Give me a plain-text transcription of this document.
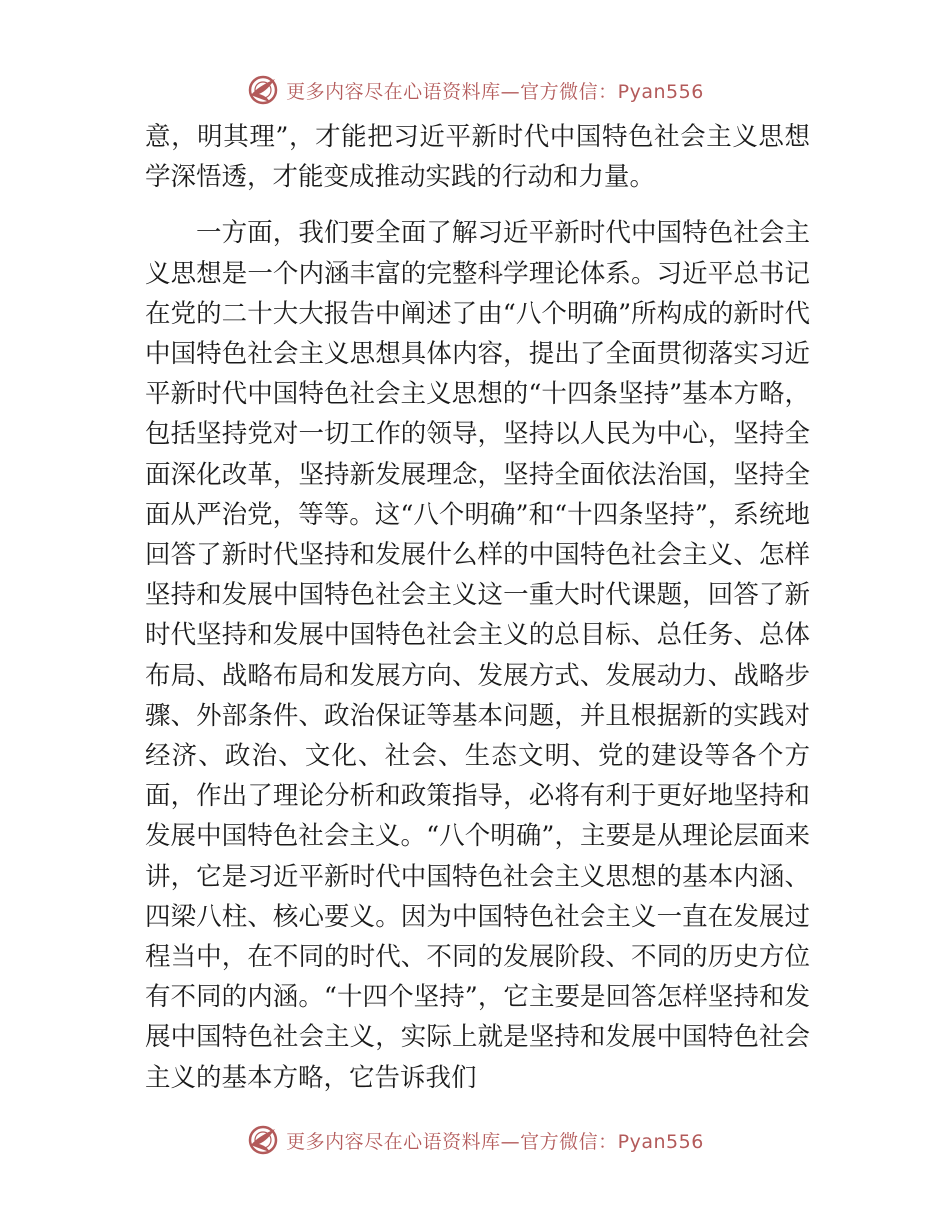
更多内容尽在心语资料库—官方微信：Pyan556

意，明其理”，才能把习近平新时代中国特色社会主义思想学深悟透，才能变成推动实践的行动和力量。

一方面，我们要全面了解习近平新时代中国特色社会主义思想是一个内涵丰富的完整科学理论体系。习近平总书记在党的二十大大报告中阐述了由“八个明确”所构成的新时代中国特色社会主义思想具体内容，提出了全面贯彻落实习近平新时代中国特色社会主义思想的“十四条坚持”基本方略，包括坚持党对一切工作的领导，坚持以人民为中心，坚持全面深化改革，坚持新发展理念，坚持全面依法治国，坚持全面从严治党，等等。这“八个明确”和“十四条坚持”，系统地回答了新时代坚持和发展什么样的中国特色社会主义、怎样坚持和发展中国特色社会主义这一重大时代课题，回答了新时代坚持和发展中国特色社会主义的总目标、总任务、总体布局、战略布局和发展方向、发展方式、发展动力、战略步骤、外部条件、政治保证等基本问题，并且根据新的实践对经济、政治、文化、社会、生态文明、党的建设等各个方面，作出了理论分析和政策指导，必将有利于更好地坚持和发展中国特色社会主义。“八个明确”，主要是从理论层面来讲，它是习近平新时代中国特色社会主义思想的基本内涵、四梁八柱、核心要义。因为中国特色社会主义一直在发展过程当中，在不同的时代、不同的发展阶段、不同的历史方位有不同的内涵。“十四个坚持”，它主要是回答怎样坚持和发展中国特色社会主义，实际上就是坚持和发展中国特色社会主义的基本方略，它告诉我们

更多内容尽在心语资料库—官方微信：Pyan556
